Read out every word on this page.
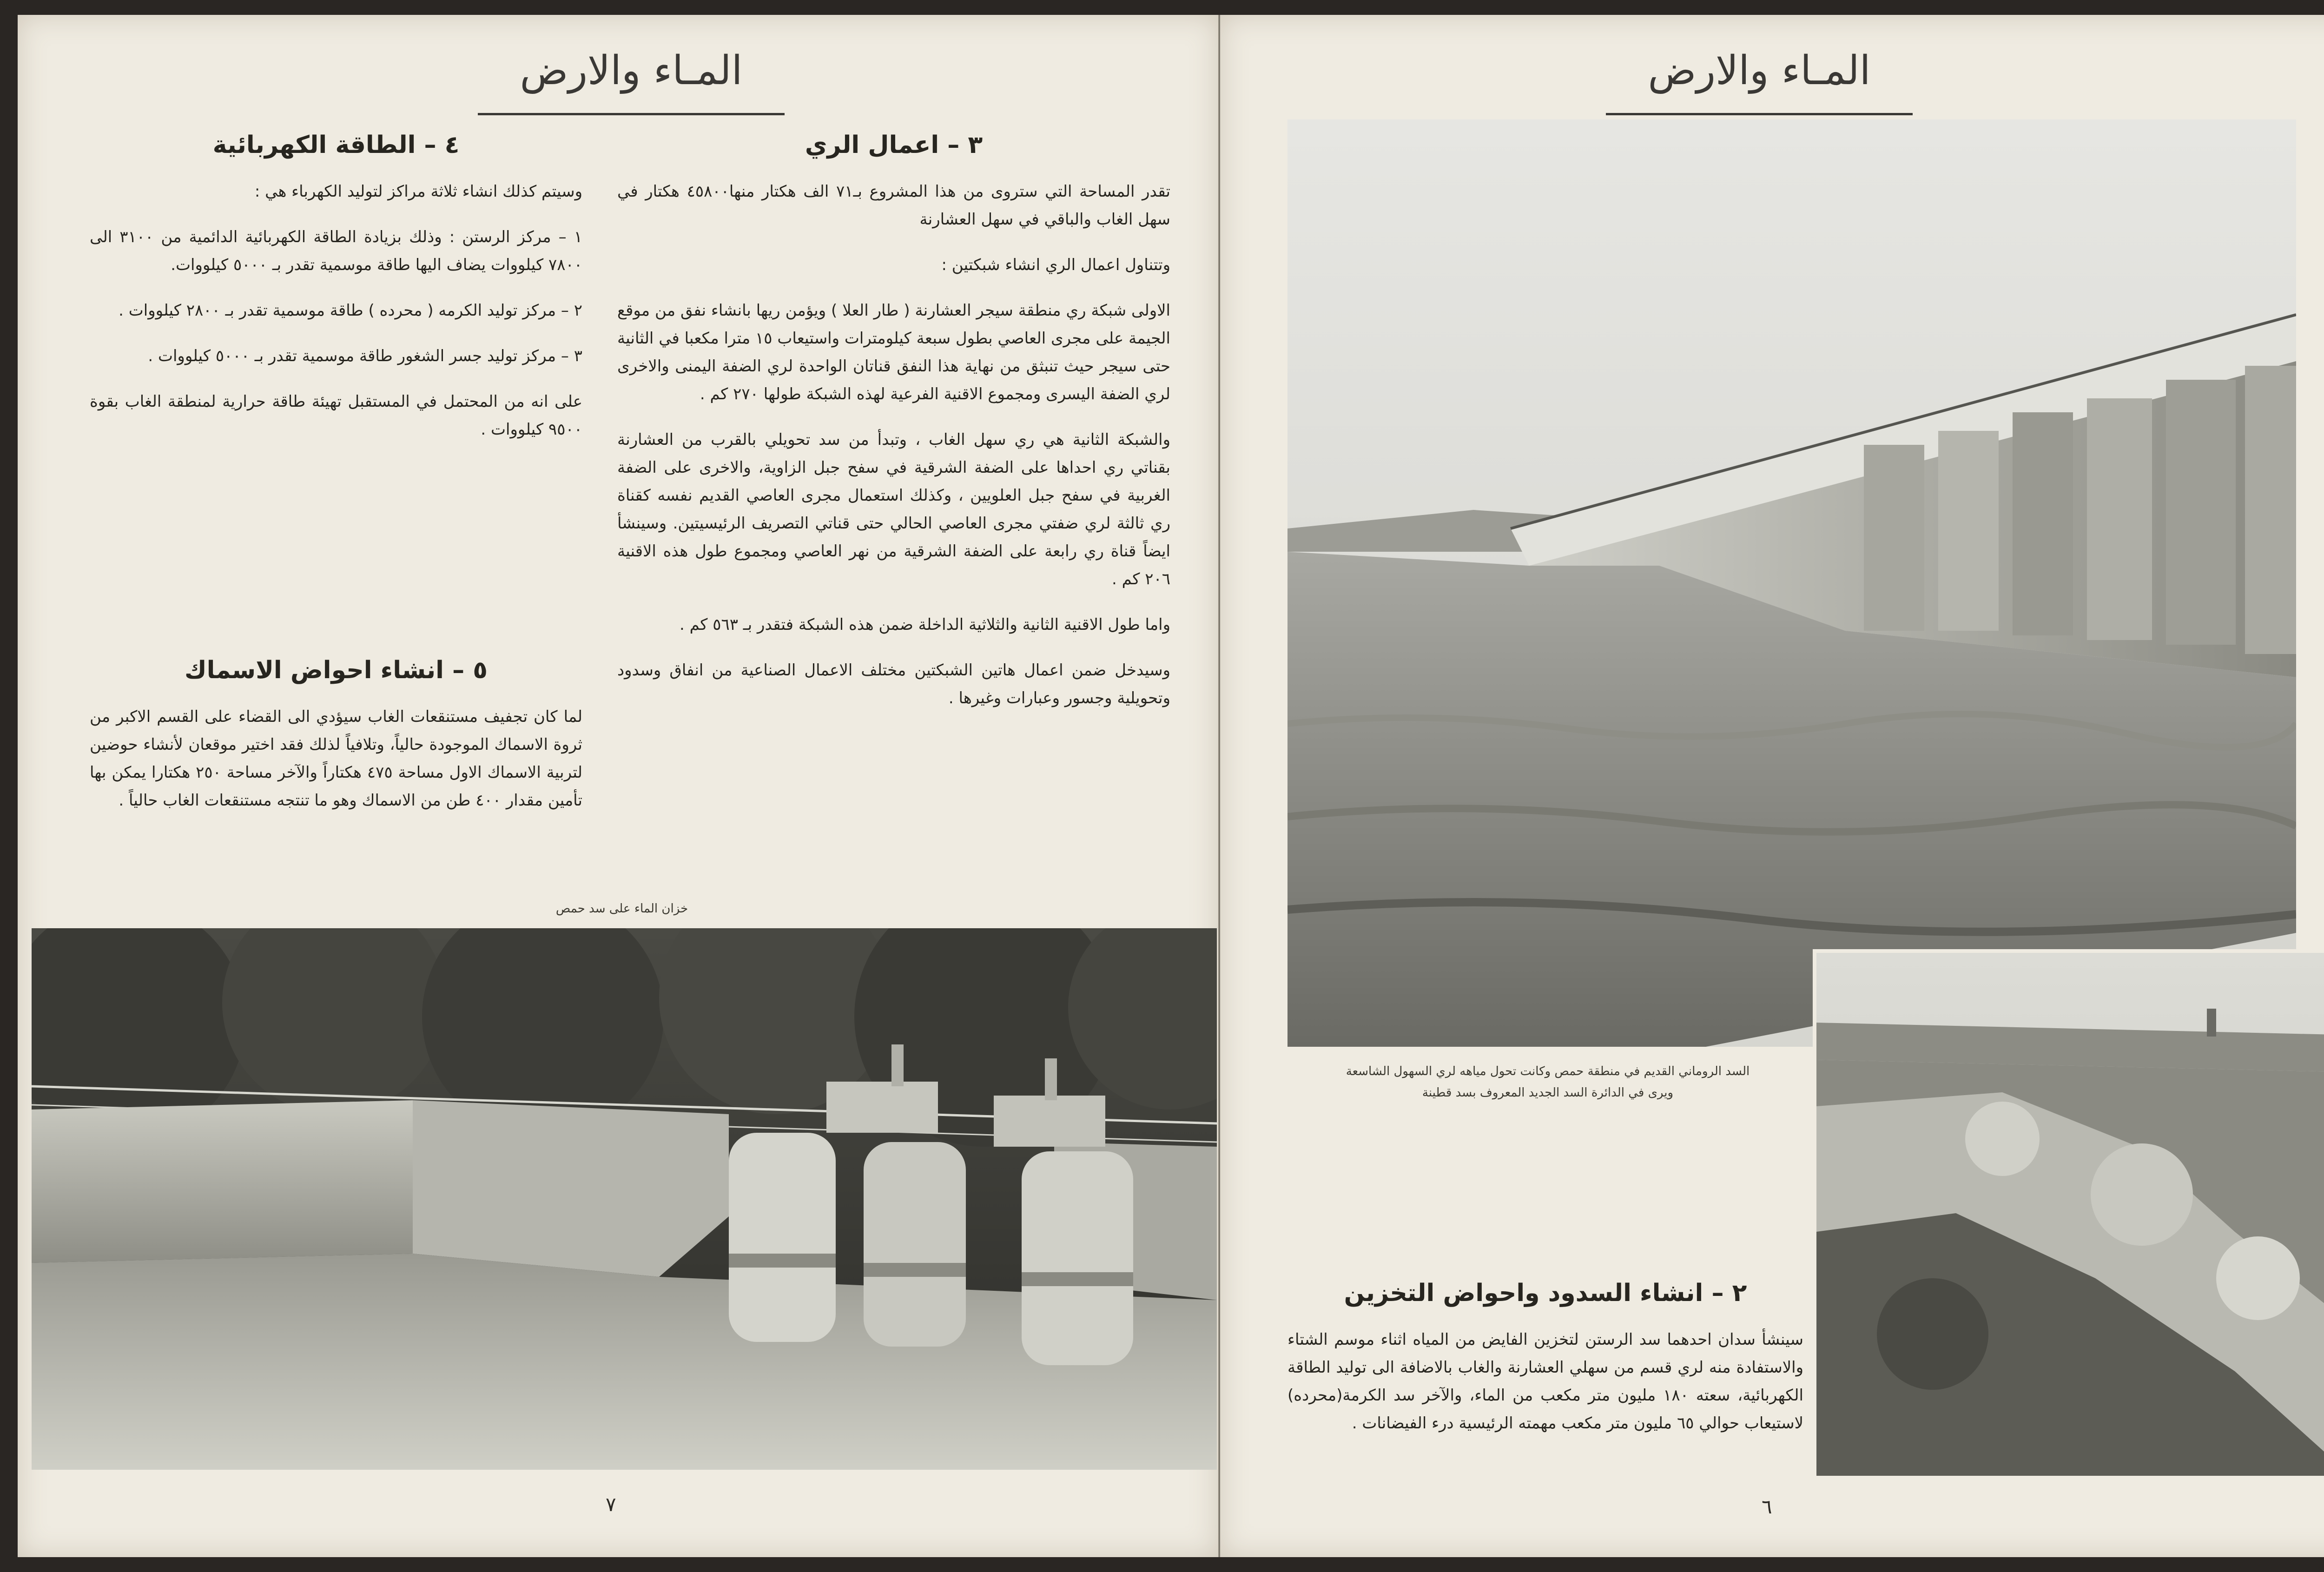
المـاء والارض
٣ – اعمال الري
تقدر المساحة التي ستروى من هذا المشروع بـ٧١ الف هكتار منها٤٥٨٠٠ هكتار في سهل الغاب والباقي في سهل العشارنة
وتتناول اعمال الري انشاء شبكتين :
الاولى شبكة ري منطقة سيجر العشارنة ( طار العلا ) ويؤمن ريها بانشاء نفق من موقع الجيمة على مجرى العاصي بطول سبعة كيلومترات واستيعاب ١٥ مترا مكعبا في الثانية حتى سيجر حيث تنبثق من نهاية هذا النفق قناتان الواحدة لري الضفة اليمنى والاخرى لري الضفة اليسرى ومجموع الاقنية الفرعية لهذه الشبكة طولها ٢٧٠ كم .
والشبكة الثانية هي ري سهل الغاب ، وتبدأ من سد تحويلي بالقرب من العشارنة بقناتي ري احداها على الضفة الشرقية في سفح جبل الزاوية، والاخرى على الضفة الغربية في سفح جبل العلويين ، وكذلك استعمال مجرى العاصي القديم نفسه كقناة ري ثالثة لري ضفتي مجرى العاصي الحالي حتى قناتي التصريف الرئيسيتين. وسينشأ ايضاً قناة ري رابعة على الضفة الشرقية من نهر العاصي ومجموع طول هذه الاقنية ٢٠٦ كم .
واما طول الاقنية الثانية والثلاثية الداخلة ضمن هذه الشبكة فتقدر بـ ٥٦٣ كم .
وسيدخل ضمن اعمال هاتين الشبكتين مختلف الاعمال الصناعية من انفاق وسدود وتحويلية وجسور وعبارات وغيرها .
٤ – الطاقة الكهربائية
وسيتم كذلك انشاء ثلاثة مراكز لتوليد الكهرباء هي :
١ – مركز الرستن : وذلك بزيادة الطاقة الكهربائية الدائمية من ٣١٠٠ الى ٧٨٠٠ كيلووات يضاف اليها طاقة موسمية تقدر بـ ٥٠٠٠ كيلووات.
٢ – مركز توليد الكرمه ( محرده ) طاقة موسمية تقدر بـ ٢٨٠٠ كيلووات .
٣ – مركز توليد جسر الشغور طاقة موسمية تقدر بـ ٥٠٠٠ كيلووات .
على انه من المحتمل في المستقبل تهيئة طاقة حرارية لمنطقة الغاب بقوة ٩٥٠٠ كيلووات .
٥ – انشاء احواض الاسماك
لما كان تجفيف مستنقعات الغاب سيؤدي الى القضاء على القسم الاكبر من ثروة الاسماك الموجودة حالياً، وتلافياً لذلك فقد اختير موقعان لأنشاء حوضين لتربية الاسماك الاول مساحة ٤٧٥ هكتاراً والآخر مساحة ٢٥٠ هكتارا يمكن بها تأمين مقدار ٤٠٠ طن من الاسماك وهو ما تنتجه مستنقعات الغاب حالياً .
خزان الماء على سد حمص
٧
المـاء والارض
السد الروماني القديم في منطقة حمص وكانت تحول مياهه لري السهول الشاسعة
ويرى في الدائرة السد الجديد المعروف بسد قطينة
٢ – انشاء السدود واحواض التخزين
سينشأ سدان احدهما سد الرستن لتخزين الفايض من المياه اثناء موسم الشتاء والاستفادة منه لري قسم من سهلي العشارنة والغاب بالاضافة الى توليد الطاقة الكهربائية، سعته ١٨٠ مليون متر مكعب من الماء، والآخر سد الكرمة(محرده) لاستيعاب حوالي ٦٥ مليون متر مكعب مهمته الرئيسية درء الفيضانات .
٦
